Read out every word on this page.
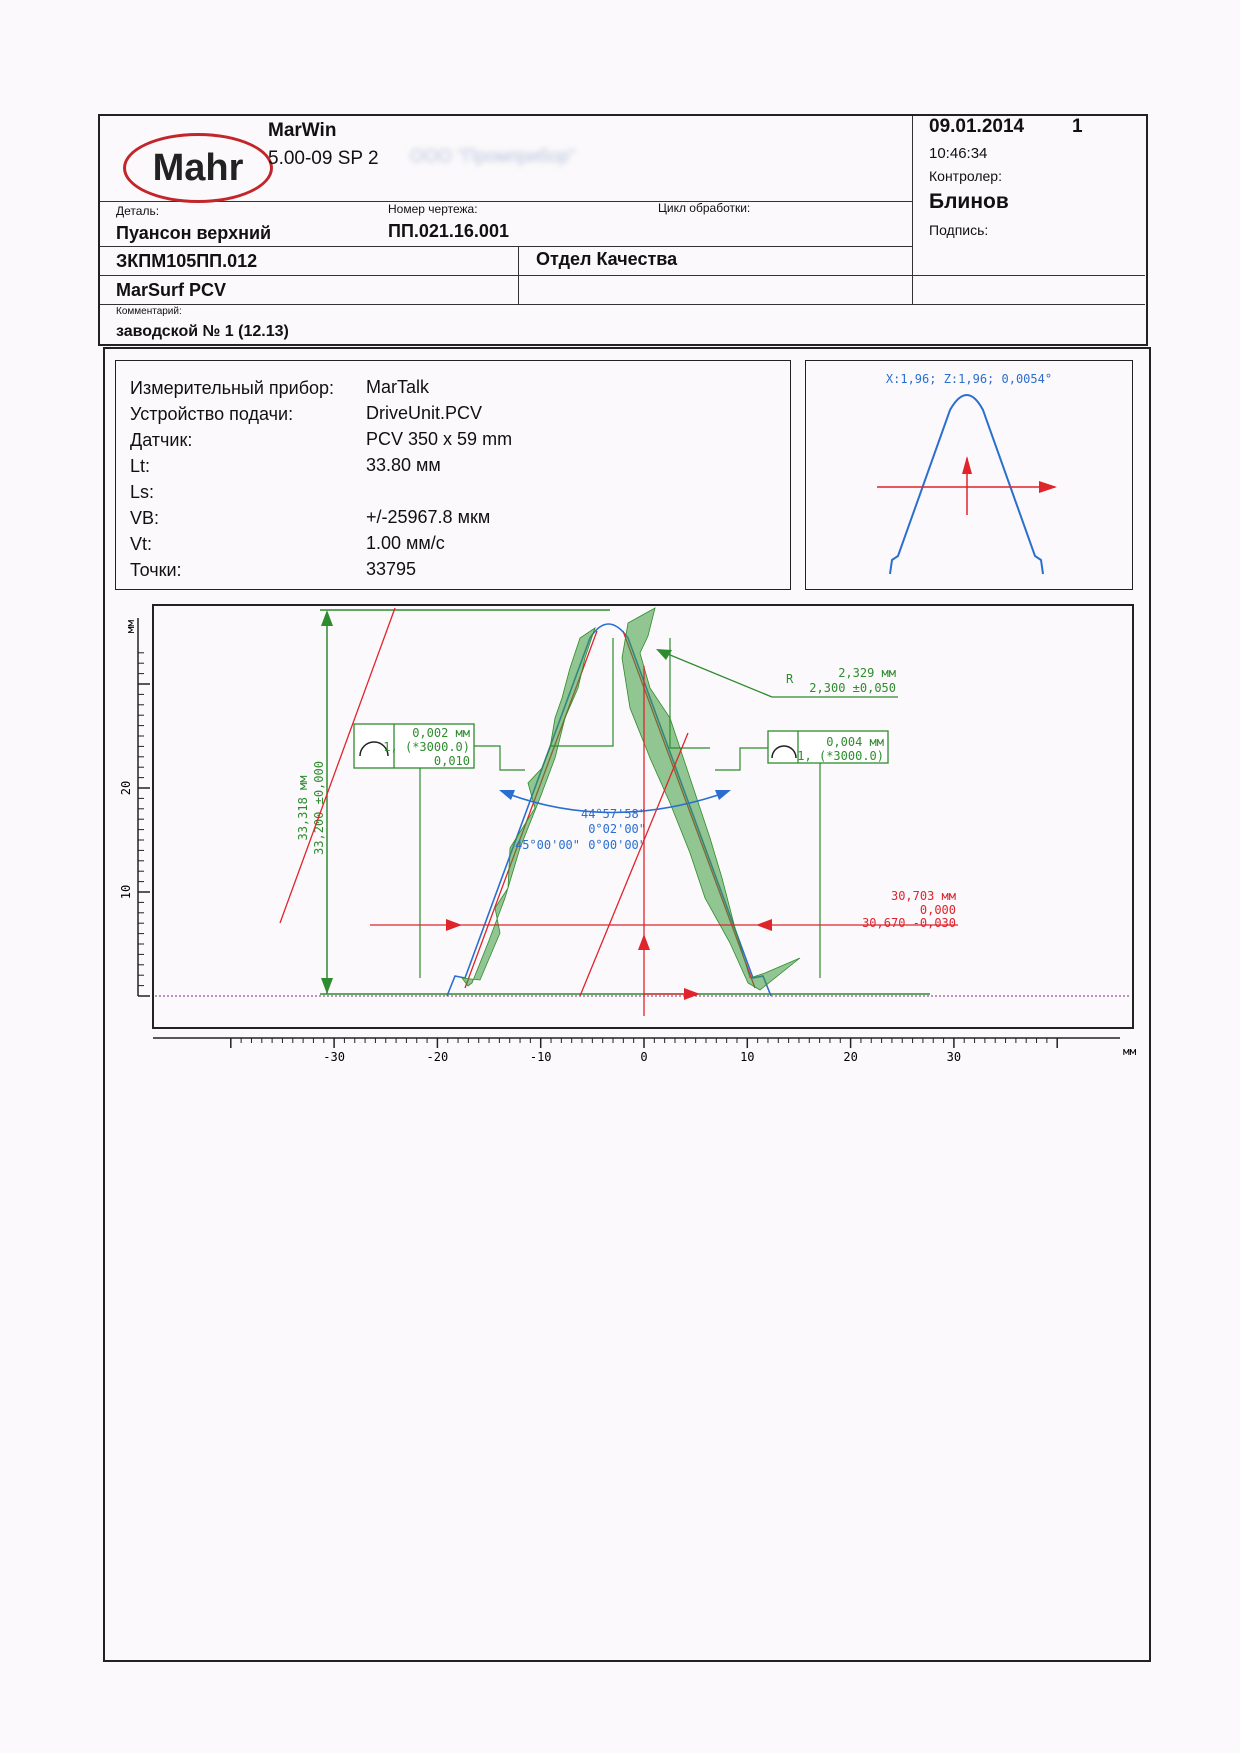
Mahr
MarWin
5.00-09 SP 2 ООО "Промприбор"
09.01.2014	1
10:46:34
Контролер:
Блинов
Подпись:
Деталь:
Пуансон верхний
Номер чертежа:
ПП.021.16.001
Цикл обработки:
ЗКПМ105ПП.012	Отдел Качества
MarSurf PCV
Комментарий:
заводской № 1 (12.13)
Измерительный прибор: MarTalk
Устройство подачи:	DriveUnit.PCV
Датчик:	PCV 350 x 59 mm
Lt:	33.80 мм
Ls:
VB:	+/-25967.8 мкм
Vt:	1.00 мм/с
Точки:	33795
X:1,96; Z:1,96; 0,0054°
10
20
мм
-30	-20	-10	0	10	20	30	мм
33,318 мм 33,200 ±0,000
0,002 мм
1, (*3000.0)
0,010
0,004 мм
1, (*3000.0)
R	2,329 мм
2,300 ±0,050
44°57'58"
0°02'00"
45°00'00" 0°00'00"
30,703 мм
0,000
30,670 -0,030
